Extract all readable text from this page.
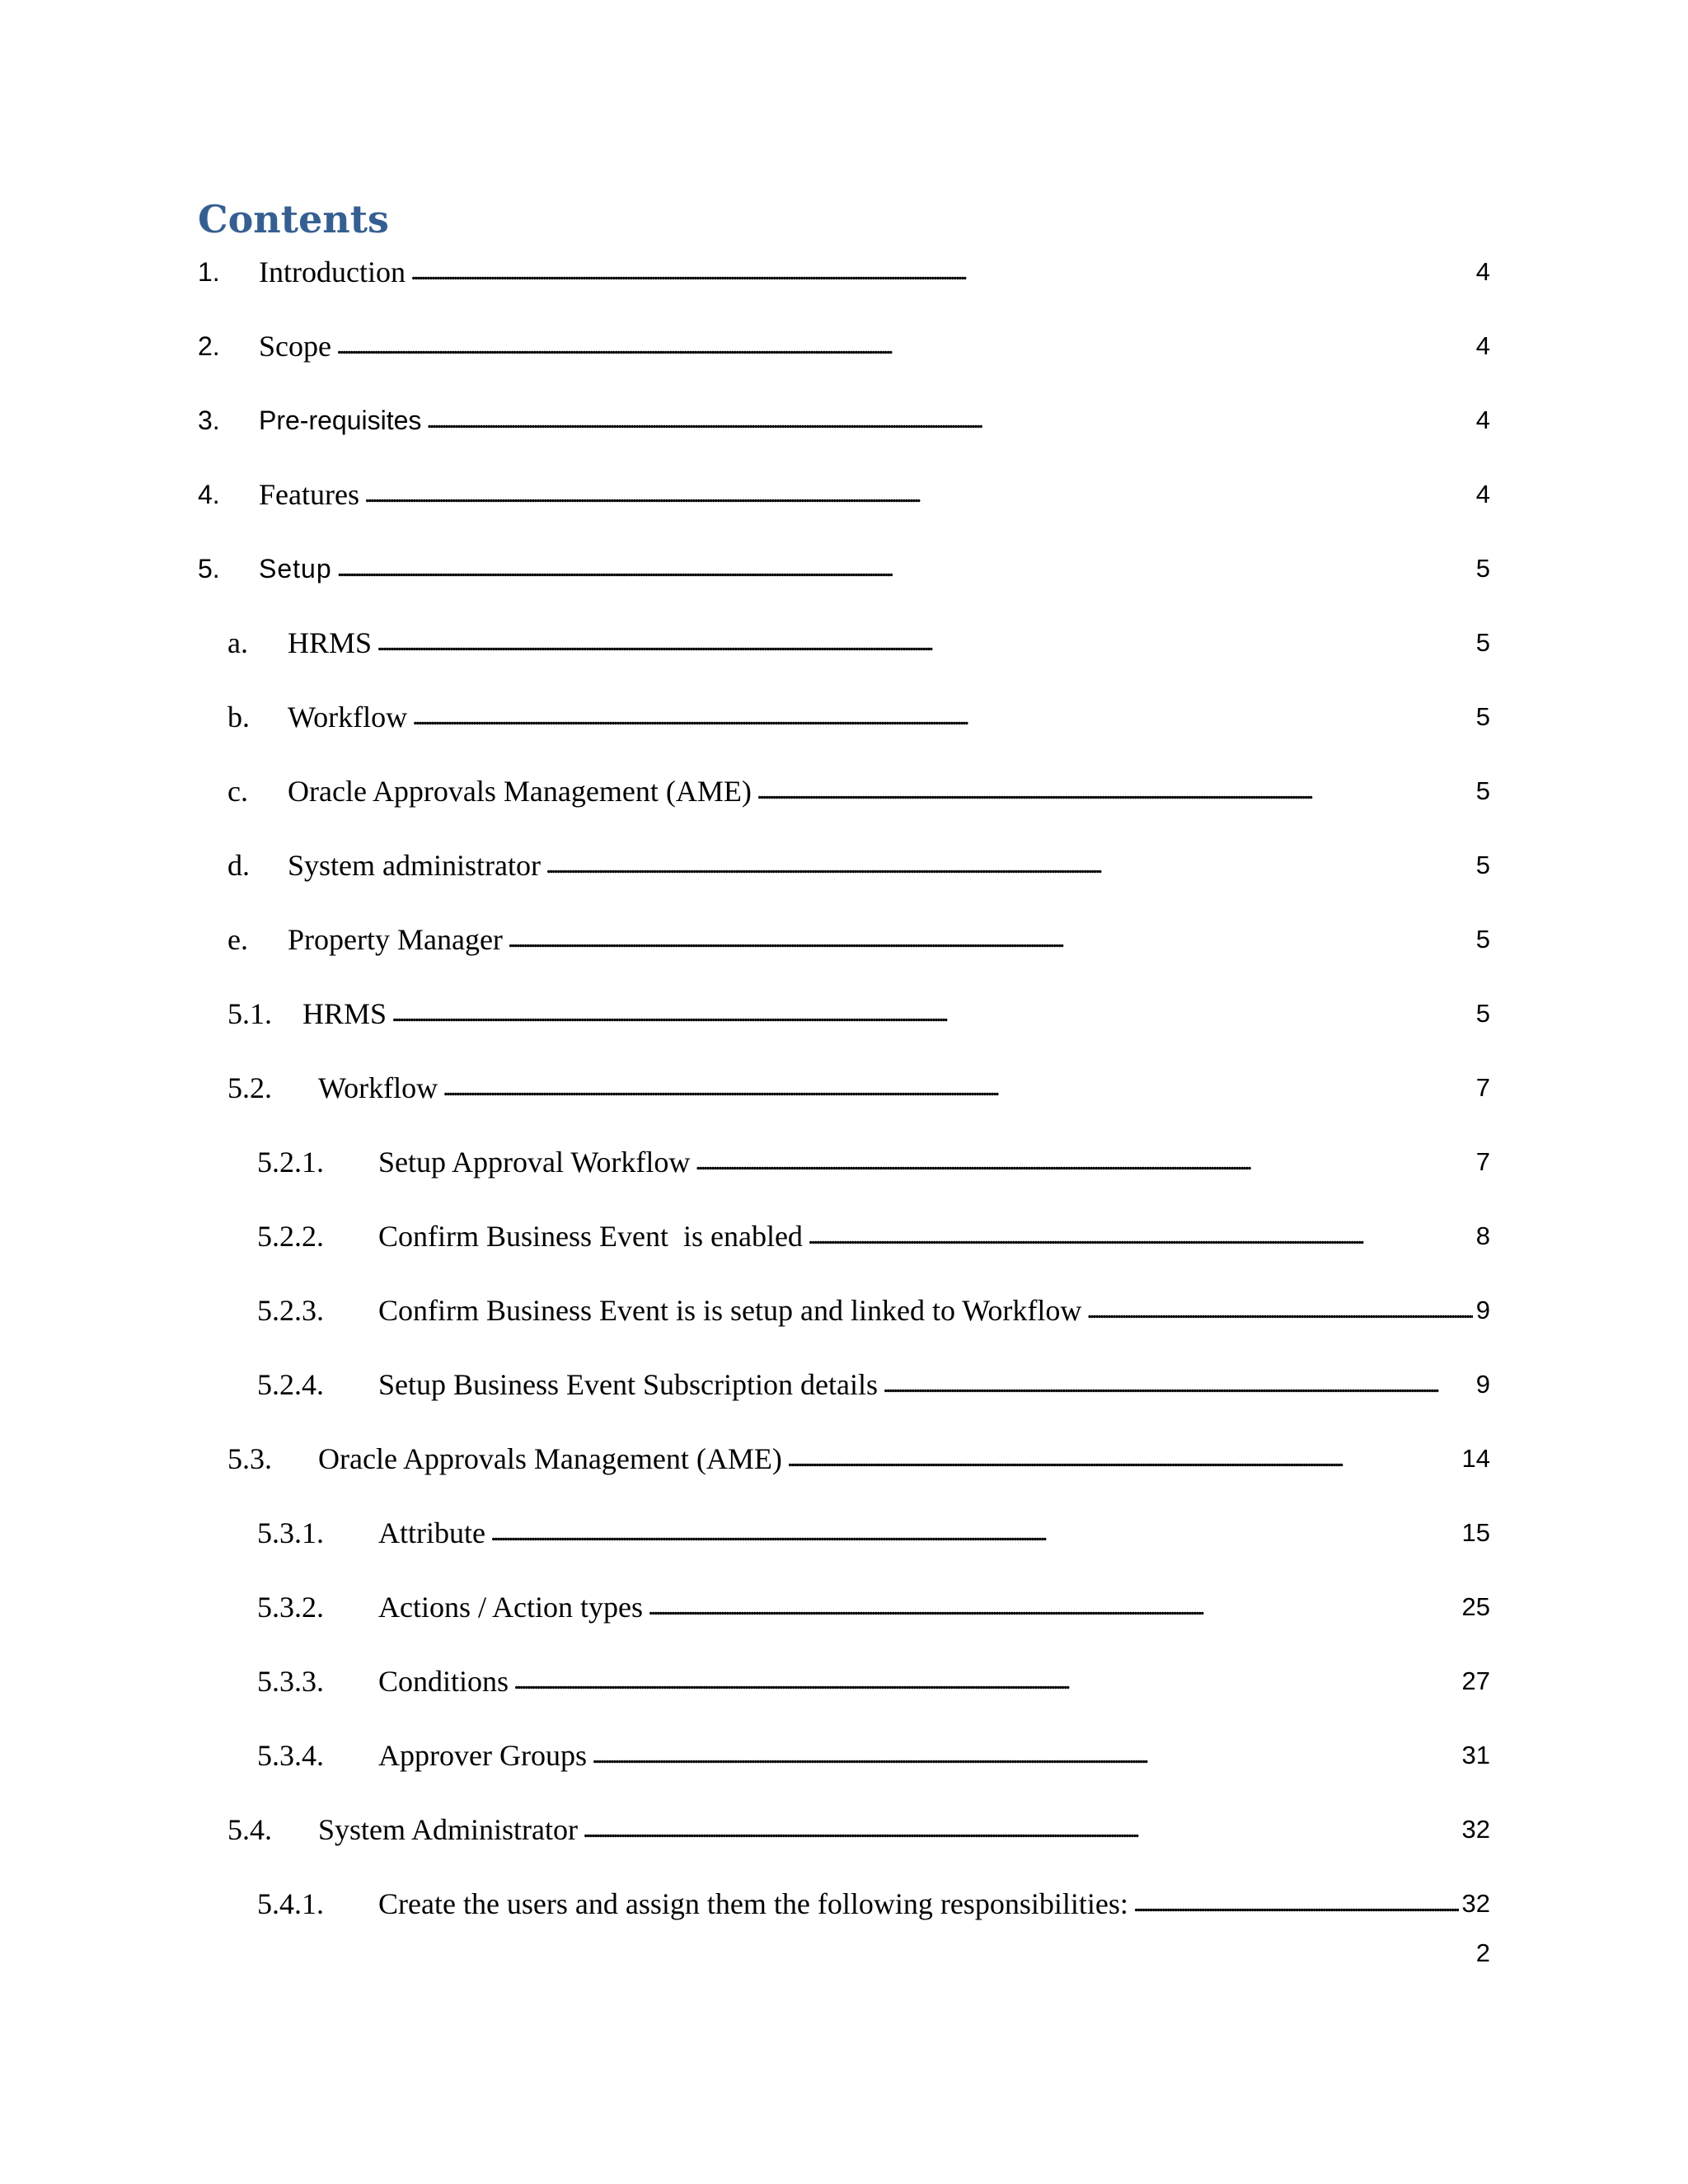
Contents
1.	Introduction . . .	4
2.	Scope . . .	4
3.	Pre-requisites . . .	4
4.	Features . . .	4
5.	Setup . . .	5
a.	HRMS . . .	5
b.	Workflow . . .	5
c.	Oracle Approvals Management (AME) . . .	5
d.	System administrator . . .	5
e.	Property Manager . . .	5
5.1.	HRMS . . .	5
5.2.	Workflow . . .	7
5.2.1.	Setup Approval Workflow . . .	7
5.2.2.	Confirm Business Event  is enabled . . .	8
5.2.3.	Confirm Business Event is is setup and linked to Workflow . . .	9
5.2.4.	Setup Business Event Subscription details . . .	9
5.3.	Oracle Approvals Management (AME) . . .	14
5.3.1.	Attribute . . .	15
5.3.2.	Actions / Action types . . .	25
5.3.3.	Conditions . . .	27
5.3.4.	Approver Groups . . .	31
5.4.	System Administrator . . .	32
5.4.1.	Create the users and assign them the following responsibilities: . . .	32
2
